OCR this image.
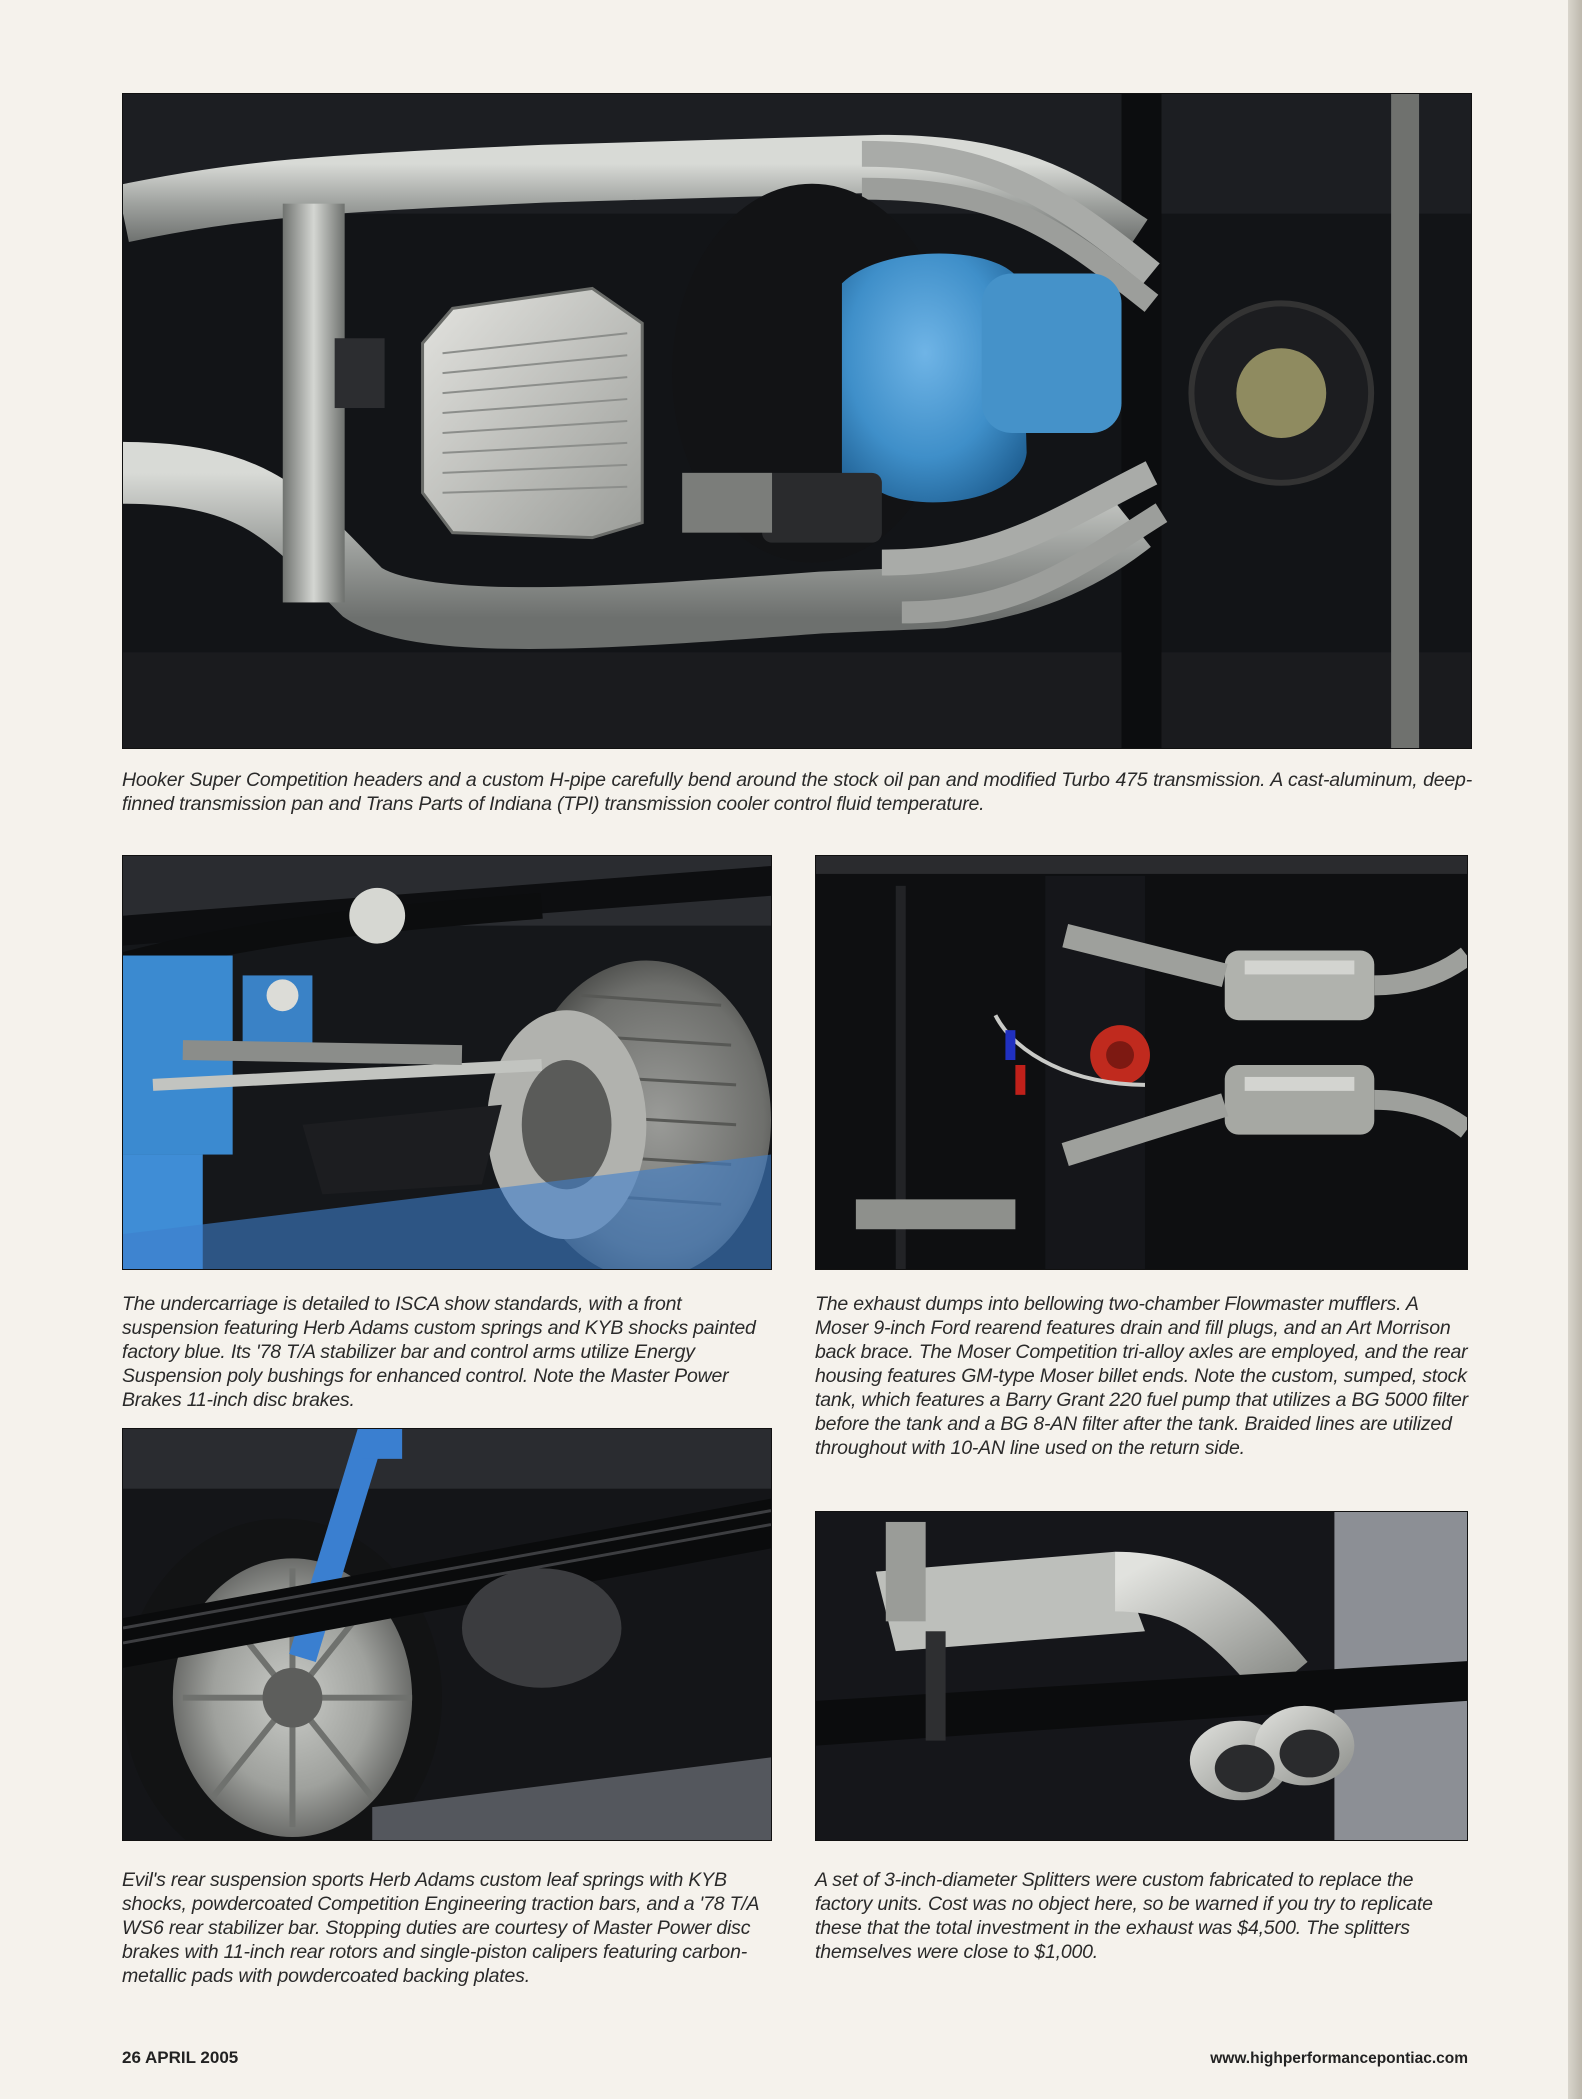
Hooker Super Competition headers and a custom H-pipe carefully bend around the stock oil pan and modified Turbo 475 transmission. A cast-aluminum, deep-finned transmission pan and Trans Parts of Indiana (TPI) transmission cooler control fluid temperature.
The undercarriage is detailed to ISCA show standards, with a front suspension featuring Herb Adams custom springs and KYB shocks painted factory blue. Its '78 T/A stabilizer bar and control arms utilize Energy Suspension poly bushings for enhanced control. Note the Master Power Brakes 11-inch disc brakes.
The exhaust dumps into bellowing two-chamber Flowmaster mufflers. A Moser 9-inch Ford rearend features drain and fill plugs, and an Art Morrison back brace. The Moser Competition tri-alloy axles are employed, and the rear housing features GM-type Moser billet ends. Note the custom, sumped, stock tank, which features a Barry Grant 220 fuel pump that utilizes a BG 5000 filter before the tank and a BG 8-AN filter after the tank. Braided lines are utilized throughout with 10-AN line used on the return side.
Evil's rear suspension sports Herb Adams custom leaf springs with KYB shocks, powdercoated Competition Engineering traction bars, and a '78 T/A WS6 rear stabilizer bar. Stopping duties are courtesy of Master Power disc brakes with 11-inch rear rotors and single-piston calipers featuring carbon-metallic pads with powdercoated backing plates.
A set of 3-inch-diameter Splitters were custom fabricated to replace the factory units. Cost was no object here, so be warned if you try to replicate these that the total investment in the exhaust was $4,500. The splitters themselves were close to $1,000.
26 APRIL 2005	www.highperformancepontiac.com
